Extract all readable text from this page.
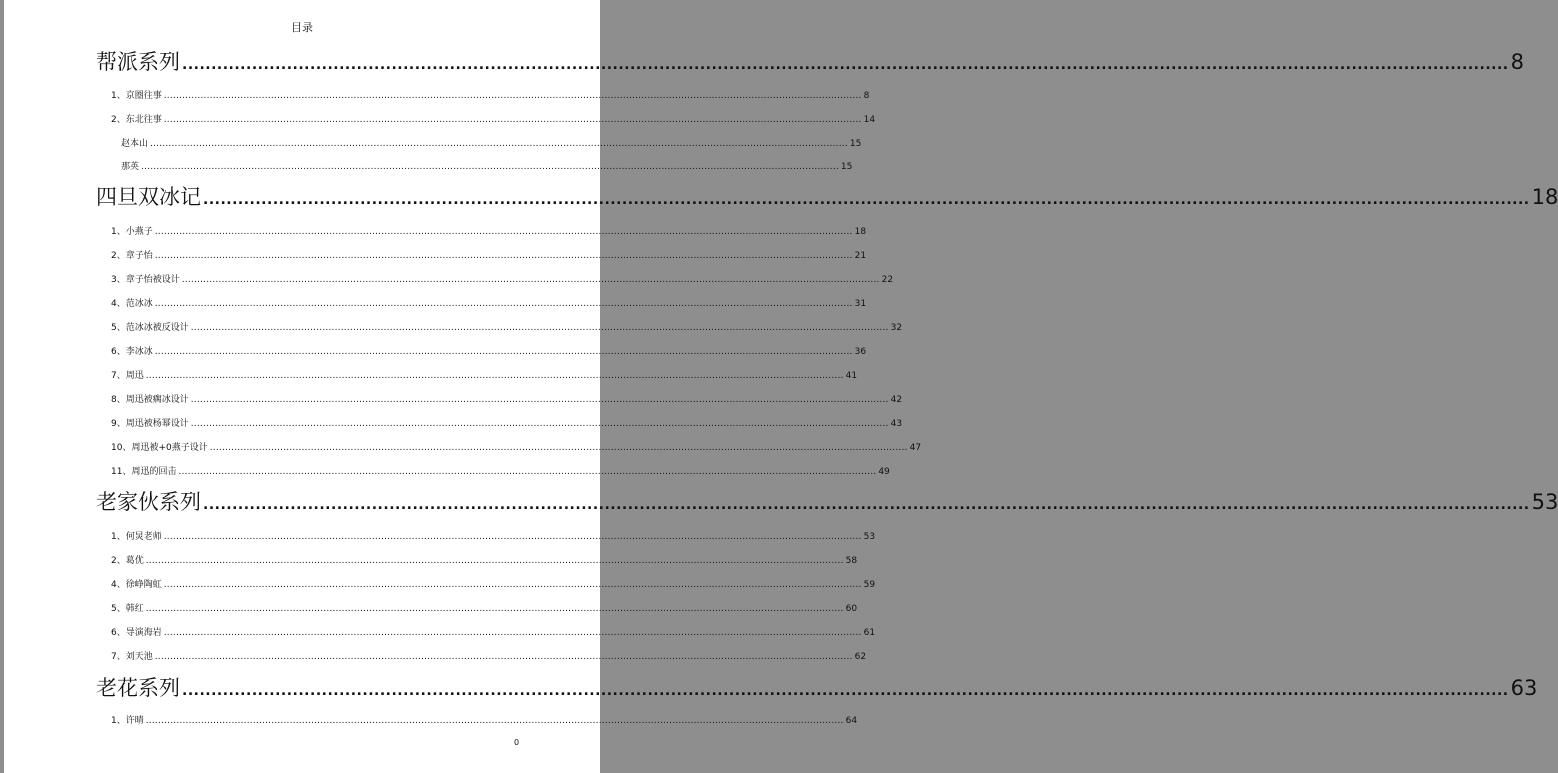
目录
帮派系列 .................................................................................................................................................................................................................................... 8
1、京圈往事 .................................................................................................................................................................................................................................... 8
2、东北往事 .................................................................................................................................................................................................................................... 14
赵本山 .................................................................................................................................................................................................................................... 15
那英 .................................................................................................................................................................................................................................... 15
四旦双冰记 .................................................................................................................................................................................................................................... 18
1、小燕子 .................................................................................................................................................................................................................................... 18
2、章子怡 .................................................................................................................................................................................................................................... 21
3、章子怡被设计 .................................................................................................................................................................................................................................... 22
4、范冰冰 .................................................................................................................................................................................................................................... 31
5、范冰冰被反设计 .................................................................................................................................................................................................................................... 32
6、李冰冰 .................................................................................................................................................................................................................................... 36
7、周迅 .................................................................................................................................................................................................................................... 41
8、周迅被瘸冰设计 .................................................................................................................................................................................................................................... 42
9、周迅被杨幂设计 .................................................................................................................................................................................................................................... 43
10、周迅被+0燕子设计 .................................................................................................................................................................................................................................... 47
11、周迅的回击 .................................................................................................................................................................................................................................... 49
老家伙系列 .................................................................................................................................................................................................................................... 53
1、何炅老师 .................................................................................................................................................................................................................................... 53
2、葛优 .................................................................................................................................................................................................................................... 58
4、徐峥陶虹 .................................................................................................................................................................................................................................... 59
5、韩红 .................................................................................................................................................................................................................................... 60
6、导演海岩 .................................................................................................................................................................................................................................... 61
7、刘天池 .................................................................................................................................................................................................................................... 62
老花系列 .................................................................................................................................................................................................................................... 63
1、许晴 .................................................................................................................................................................................................................................... 64
0
